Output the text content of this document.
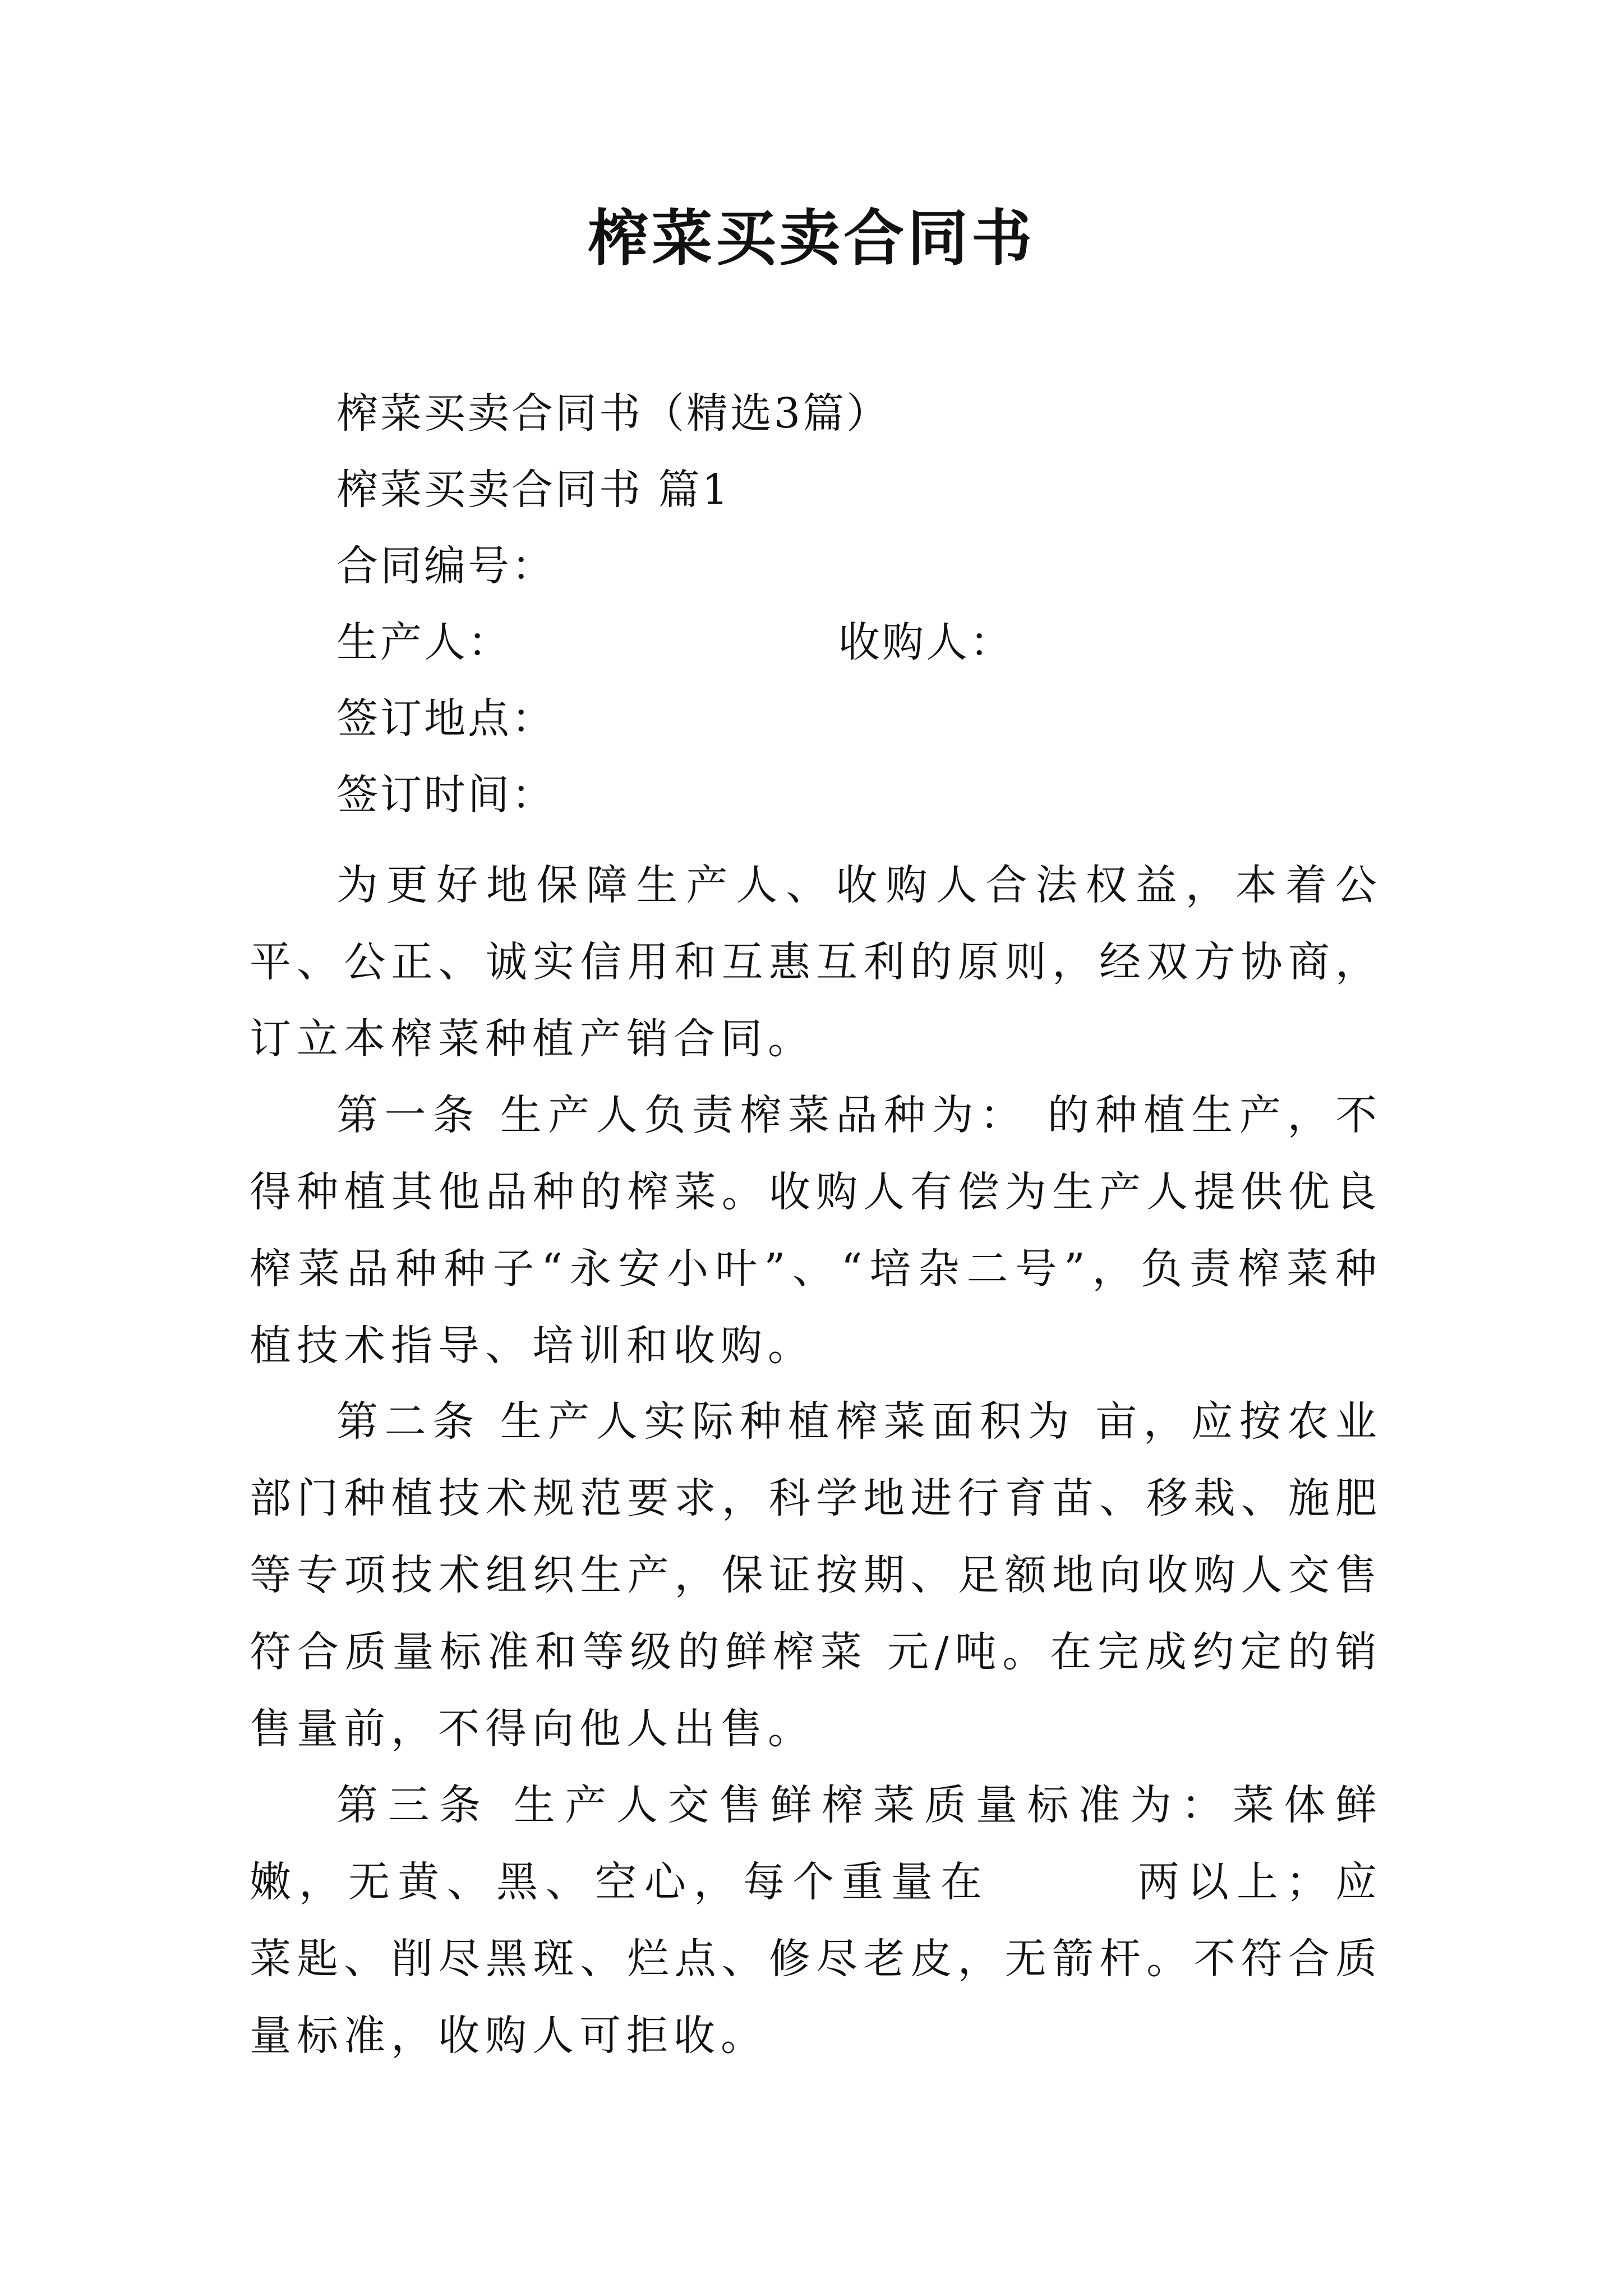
榨菜买卖合同书
榨菜买卖合同书（精选3篇）
榨菜买卖合同书 篇1
合同编号：
生产人：	收购人：
签订地点：
签订时间：

为更好地保障生产人、收购人合法权益，本着公平、公正、诚实信用和互惠互利的原则，经双方协商，订立本榨菜种植产销合同。

第一条 生产人负责榨菜品种为： 的种植生产，不得种植其他品种的榨菜。收购人有偿为生产人提供优良榨菜品种种子“永安小叶”、“培杂二号”，负责榨菜种植技术指导、培训和收购。

第二条 生产人实际种植榨菜面积为 亩，应按农业部门种植技术规范要求，科学地进行育苗、移栽、施肥等专项技术组织生产，保证按期、足额地向收购人交售符合质量标准和等级的鲜榨菜 元/吨。在完成约定的销售量前，不得向他人出售。

第三条 生产人交售鲜榨菜质量标准为：菜体鲜嫩，无黄、黑、空心，每个重量在	两以上；应菜匙、削尽黑斑、烂点、修尽老皮，无箭杆。不符合质量标准，收购人可拒收。
